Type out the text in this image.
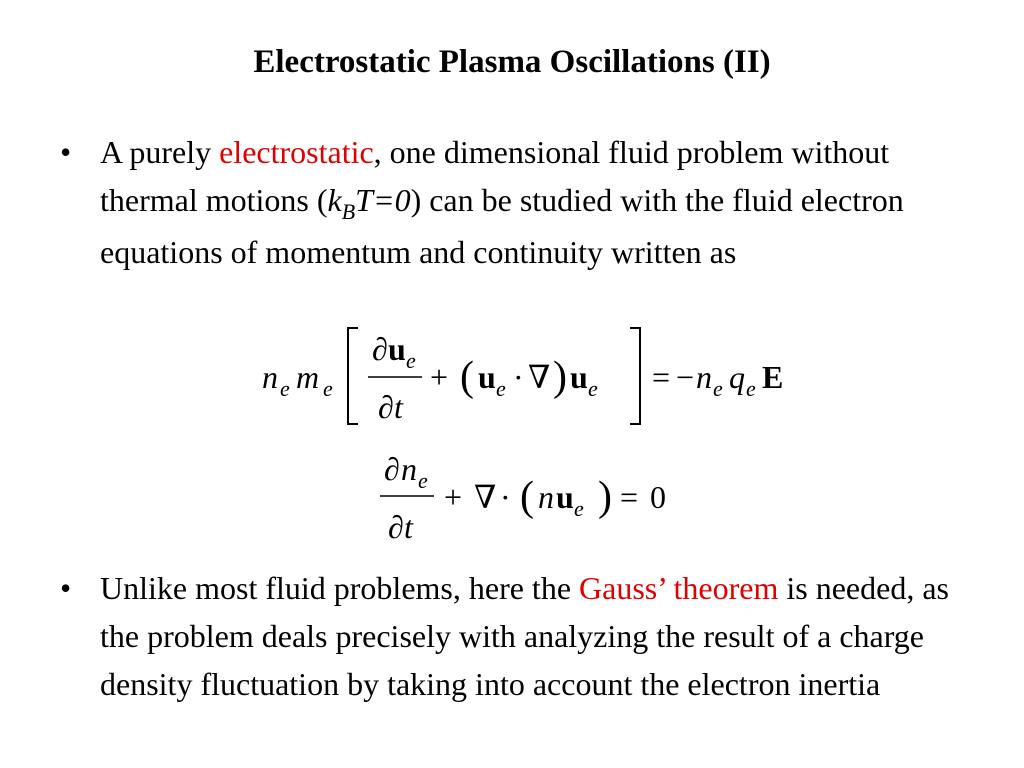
Electrostatic Plasma Oscillations (II)
• A purely electrostatic, one dimensional fluid problem without thermal motions $(k_BT=0)$ can be studied with the fluid electron equations of momentum and continuity written as
n e m e
∂ u e
∂ t
+ ( u e · ∇ ) u e = − n e q e E
∂ n e
∂ t
+ ∇ · ( n u e ) = 0
• Unlike most fluid problems, here the Gauss’ theorem is needed, as the problem deals precisely with analyzing the result of a charge density fluctuation by taking into account the electron inertia
